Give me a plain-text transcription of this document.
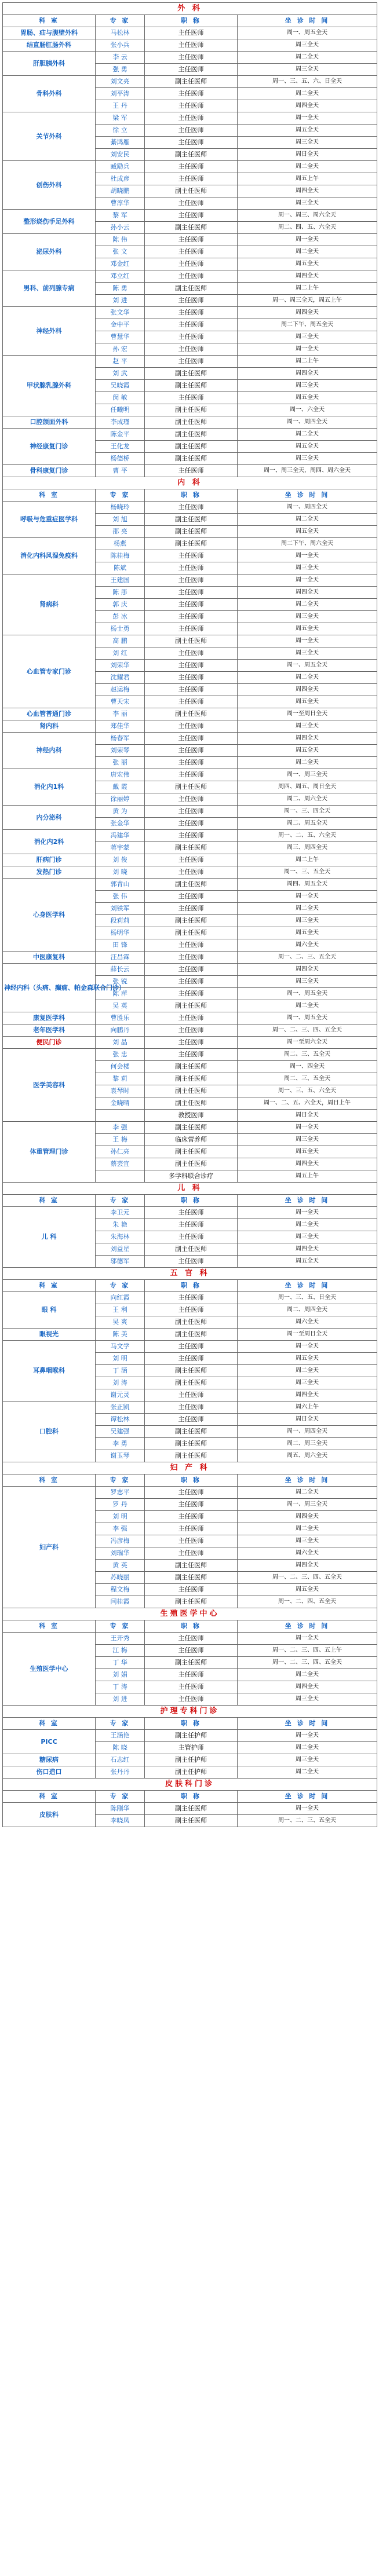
外 科			
科 室	专 家	职 称	坐 诊 时 间
胃肠、疝与腹壁外科	马松林	主任医师	周一、周五全天
结直肠肛肠外科	张小兵	主任医师	周三全天
肝胆胰外科	李 云	主任医师	周二全天
	强 勇	主任医师	周三全天
骨科外科	刘文亮	副主任医师	周一、三、五、六、日全天
	刘平涛	主任医师	周二全天
	王 丹	主任医师	周四全天
关节外科	梁 军	主任医师	周一全天
	徐 立	主任医师	周五全天
	綦鸿雁	主任医师	周三全天
	刘安民	副主任医师	周日全天
创伤外科	臧励兵	主任医师	周二全天
	杜成彦	主任医师	周五上午
	胡晓鹏	副主任医师	周四全天
	曹淳华	主任医师	周三全天
整形烧伤手足外科	黎 军	主任医师	周一、周三、周六全天
	孙小云	副主任医师	周二、四、五、六全天
泌尿外科	陈 伟	主任医师	周一全天
	张 文	主任医师	周二全天
	邓金红	主任医师	周五全天
男科、前列腺专病	邓立红	主任医师	周四全天
	陈 勇	副主任医师	周二上午
	刘 进	主任医师	周一、周三全天，周五上午
神经外科	张文华	主任医师	周四全天
	金中平	主任医师	周二下午、周五全天
	曹慧华	主任医师	周三全天
	孙 宏	主任医师	周一全天
甲状腺乳腺外科	赵 平	主任医师	周二上午
	刘 武	副主任医师	周四全天
	吴晓霞	副主任医师	周三全天
	闵 敏	主任医师	周五全天
	任曦明	副主任医师	周一、六全天
口腔颌面外科	李成瑾	副主任医师	周一、周四全天
神经康复门诊	陈金平	副主任医师	周二全天
	王化龙	副主任医师	周五全天
	杨德桥	副主任医师	周三全天
骨科康复门诊	曹 平	主任医师	周一、周三全天，周四、周六全天
内 科			
科 室	专 家	职 称	坐 诊 时 间
呼吸与危重症医学科	杨晓玲	主任医师	周一、周四全天
	刘 旭	副主任医师	周二全天
	邵 亮	副主任医师	周五全天
消化内科风湿免疫科	杨燕	副主任医师	周二下午、周六全天
	陈桂梅	主任医师	周一全天
	陈斌	主任医师	周三全天
肾病科	王建国	主任医师	周一全天
	陈 彤	主任医师	周四全天
	郭 庆	主任医师	周二全天
	彭 冰	主任医师	周三全天
	杨士勇	主任医师	周五全天
心血管专家门诊	高 鹏	副主任医师	周一全天
	刘 红	主任医师	周三全天
	刘荣华	主任医师	周一、周五全天
	沈耀君	主任医师	周二全天
	赵运梅	主任医师	周四全天
	曹天宋	主任医师	周五全天
心血管普通门诊	李 丽	副主任医师	周一至周日全天
肾内科	郑佳华	主任医师	周三全天
神经内科	杨春军	主任医师	周四全天
	刘荣琴	主任医师	周五全天
	张 丽	主任医师	周二全天
消化内1科	唐宏伟	主任医师	周一、周三全天
	戴 霞	副主任医师	周四、周五、周日全天
	徐丽婷	主任医师	周二、周六全天
内分泌科	黄 为	主任医师	周一、三、四全天
	张金华	主任医师	周二、周五全天
消化内2科	冯建华	主任医师	周一、二、五、六全天
	蒋宇蒙	副主任医师	周三、周四全天
肝病门诊	刘 俊	主任医师	周二上午
发热门诊	刘 晓	主任医师	周一、三、五全天
心身医学科	郭青山	副主任医师	周四、周五全天
	张 伟	主任医师	周一全天
	刘铁军	主任医师	周二全天
	段莉莉	副主任医师	周三全天
	杨明华	副主任医师	周五全天
	田 锋	主任医师	周六全天
中医康复科	汪昌霖	主任医师	周一、二、三、五全天
神经内科（头痛、癫痫、帕金森联合门诊）	薛长云	主任医师	周四全天
	张 锐	主任医师	周三全天
	陈 萍	主任医师	周一、周五全天
	吴 英	副主任医师	周二全天
康复医学科	曹胜乐	主任医师	周一、周五全天
老年医学科	向鹏丹	主任医师	周一、二、三、四、五全天
便民门诊	刘 晶	主任医师	周一至周六全天
医学美容科	张 忠	主任医师	周二、三、五全天
	何会楼	副主任医师	周一、四全天
	黎 莉	副主任医师	周二、三、五全天
	袁琴时	副主任医师	周一、三、五、六全天
	金晓晴	副主任医师	周一、二、五、六全天，周日上午
		教授医师	周日全天
体重管理门诊	李 强	副主任医师	周一全天
	王 梅	临床营养师	周三全天
	孙仁亮	副主任医师	周五全天
	蔡芸宜	副主任医师	周四全天
		多学科联合诊疗	周五上午
儿 科			
科 室	专 家	职 称	坐 诊 时 间
儿 科	李卫元	主任医师	周一全天
	朱 艳	主任医师	周二全天
	朱海林	主任医师	周三全天
	刘益星	副主任医师	周四全天
	邬德军	主任医师	周五全天
五 官 科			
科 室	专 家	职 称	坐 诊 时 间
眼 科	向红霞	主任医师	周一、三、五、日全天
	王 利	主任医师	周二、周四全天
	吴 爽	副主任医师	周六全天
眼视光	陈 美	副主任医师	周一至周日全天
耳鼻咽喉科	马文学	主任医师	周一全天
	刘 明	主任医师	周五全天
	丁 涵	副主任医师	周二全天
	刘 涛	副主任医师	周三全天
	谢元灵	主任医师	周四全天
口腔科	张正凯	主任医师	周六上午
	谭松林	主任医师	周日全天
	吴建强	副主任医师	周一、周四全天
	李 勇	副主任医师	周二、周三全天
	谢玉琴	副主任医师	周五、周六全天
妇 产 科			
科 室	专 家	职 称	坐 诊 时 间
妇产科	罗志平	主任医师	周二全天
	罗 丹	主任医师	周一、周三全天
	刘 明	主任医师	周四全天
	李 强	主任医师	周二全天
	冯彦梅	主任医师	周三全天
	刘瑞华	主任医师	周六全天
	黄 英	副主任医师	周四全天
	苏晓丽	副主任医师	周一、二、三、四、五全天
	程文梅	主任医师	周五全天
	闫桂霞	副主任医师	周一、二、四、五全天
生殖医学中心			
科 室	专 家	职 称	坐 诊 时 间
生殖医学中心	王开秀	主任医师	周一全天
	江 梅	主任医师	周一、二、三、四、五上午
	丁 华	副主任医师	周一、二、三、四、五全天
	刘 娟	主任医师	周二全天
	丁 涛	主任医师	周四全天
	刘 进	主任医师	周三全天
护理专科门诊			
科 室	专 家	职 称	坐 诊 时 间
PICC	王涵艳	副主任护师	周一全天
	陈 晓	主管护师	周二全天
糖尿病	石志红	副主任护师	周三全天
伤口造口	张丹丹	副主任护师	周二全天
皮肤科门诊			
科 室	专 家	职 称	坐 诊 时 间
皮肤科	陈刚华	副主任医师	周一全天
	李晓凤	副主任医师	周一、二、三、五全天
